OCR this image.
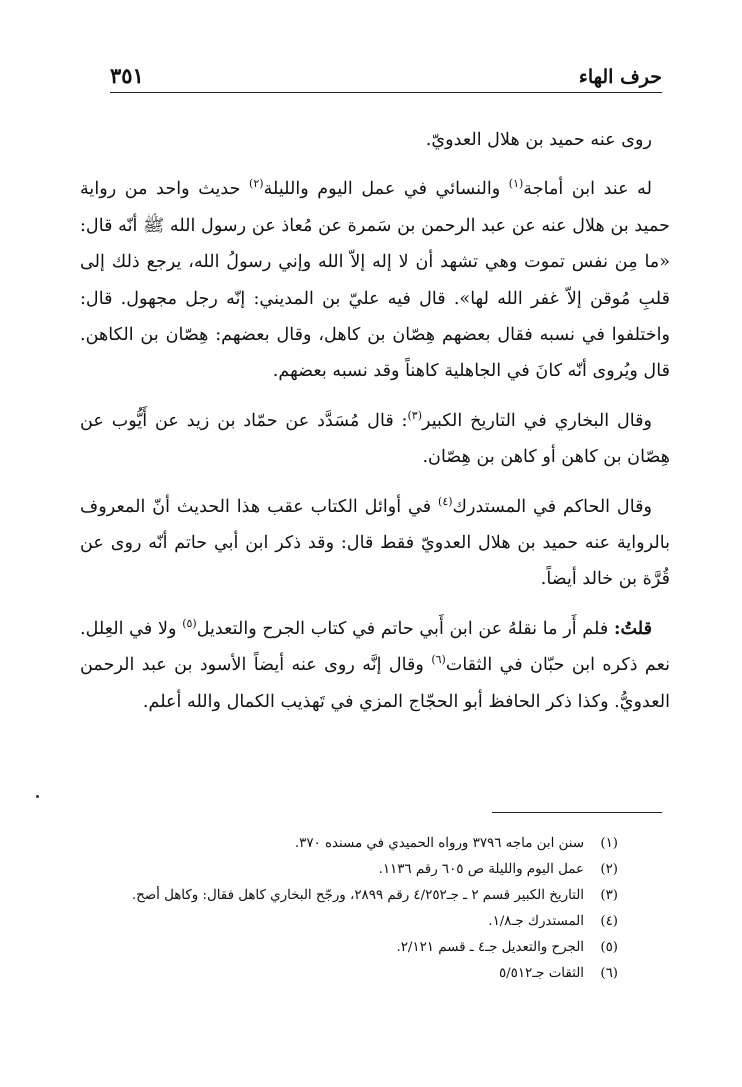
حرف الهاء
٣٥١

روى عنه حميد بن هلال العدويّ.

له عند ابن أماجة$^{(١)}$ والنسائي في عمل اليوم والليلة$^{(٢)}$ حديث واحد من رواية حميد بن هلال عنه عن عبد الرحمن بن سَمرة عن مُعاذ عن رسول الله ﷺ أنّه قال: «ما مِن نفس تموت وهي تشهد أن لا إله إلاّ الله وإني رسولُ الله، يرجع ذلك إلى قلبِ مُوقن إلاّ غفر الله لها». قال فيه عليّ بن المديني: إنّه رجل مجهول. قال: واختلفوا في نسبه فقال بعضهم هِصّان بن كاهل، وقال بعضهم: هِصّان بن الكاهن. قال ويُروى أنّه كانَ في الجاهلية كاهناً وقد نسبه بعضهم.

وقال البخاري في التاريخ الكبير$^{(٣)}$: قال مُسَدَّد عن حمّاد بن زيد عن أَيُّوب عن هِصّان بن كاهن أو كاهن بن هِصّان.

وقال الحاكم في المستدرك$^{(٤)}$ في أوائل الكتاب عقب هذا الحديث أنّ المعروف بالرواية عنه حميد بن هلال العدويّ فقط قال: وقد ذكر ابن أبي حاتم أنّه روى عن قُرَّة بن خالد أيضاً.

قلتُ: فلم أَر ما نقلهُ عن ابن أَبي حاتم في كتاب الجرح والتعديل$^{(٥)}$ ولا في العِلل. نعم ذكره ابن حبّان في الثقات$^{(٦)}$ وقال إنَّه روى عنه أيضاً الأسود بن عبد الرحمن العدويُّ. وكذا ذكر الحافظ أبو الحجّاج المزي في تَهذيب الكمال والله أعلم.

(١)
سنن ابن ماجه ٣٧٩٦ ورواه الحميدي في مسنده ٣٧٠.

(٢)
عمل اليوم والليلة ص ٦٠٥ رقم ١١٣٦.

(٣)
التاريخ الكبير قسم ٢ ـ جـ٤/٢٥٢ رقم ٢٨٩٩، ورجّح البخاري كاهل فقال: وكاهل أصح.

(٤)
المستدرك جـ١/٨.

(٥)
الجرح والتعديل جـ٤ ـ قسم ٢/١٢١.

(٦)
الثقات جـ٥/٥١٢
